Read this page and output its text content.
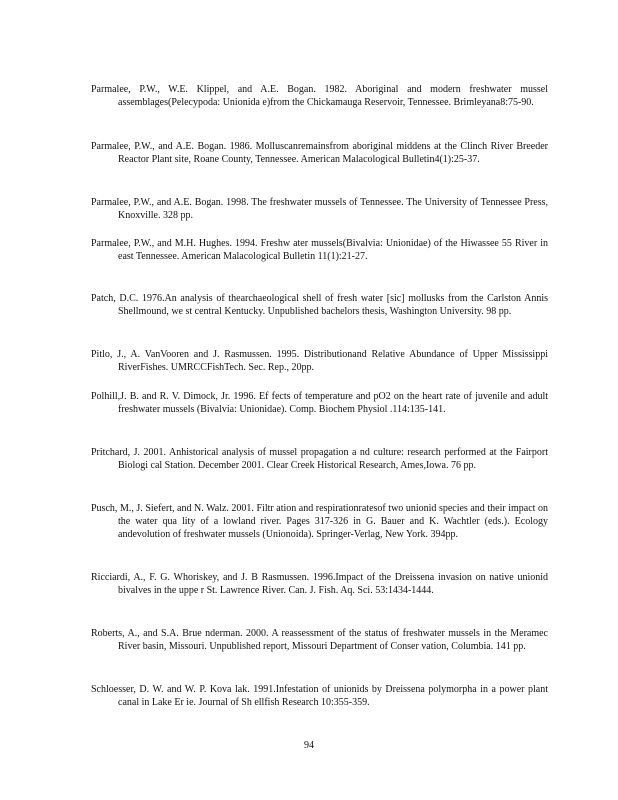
Parmalee, P.W., W.E. Klippel, and A.E. Bogan. 1982. Aboriginal and modern freshwater mussel assemblages(Pelecypoda: Unionida e)from the Chickamauga Reservoir, Tennessee. Brimleyana8:75-90.

Parmalee, P.W., and A.E. Bogan. 1986. Molluscanremainsfrom aboriginal middens at the Clinch River Breeder Reactor Plant site, Roane County, Tennessee. American Malacological Bulletin4(1):25-37.

Parmalee, P.W., and A.E. Bogan. 1998. The freshwater mussels of Tennessee. The University of Tennessee Press, Knoxville. 328 pp.

Parmalee, P.W., and M.H. Hughes. 1994. Freshw ater mussels(Bivalvia: Unionidae) of the Hiwassee 55 River in east Tennessee. American Malacological Bulletin 11(1):21-27.

Patch, D.C. 1976.An analysis of thearchaeological shell of fresh water [sic] mollusks from the Carlston Annis Shellmound, we st central Kentucky. Unpublished bachelors thesis, Washington University. 98 pp.

Pitlo, J., A. VanVooren and J. Rasmussen. 1995. Distributionand Relative Abundance of Upper Mississippi RiverFishes. UMRCCFishTech. Sec. Rep., 20pp.

Polhill,J. B. and R. V. Dimock, Jr. 1996. Ef fects of temperature and pO2 on the heart rate of juvenile and adult freshwater mussels (Bivalvia: Unionidae). Comp. Biochem Physiol .114:135-141.

Pritchard, J. 2001. Anhistorical analysis of mussel propagation a nd culture: research performed at the Fairport Biologi cal Station. December 2001. Clear Creek Historical Research, Ames,Iowa. 76 pp.

Pusch, M., J. Siefert, and N. Walz. 2001. Filtr ation and respirationratesof two unionid species and their impact on the water qua lity of a lowland river. Pages 317-326 in G. Bauer and K. Wachtler (eds.). Ecology andevolution of freshwater mussels (Unionoida). Springer-Verlag, New York. 394pp.

Ricciardi, A., F. G. Whoriskey, and J. B Rasmussen. 1996.Impact of the Dreissena invasion on native unionid bivalves in the uppe r St. Lawrence River. Can. J. Fish. Aq. Sci. 53:1434-1444.

Roberts, A., and S.A. Brue nderman. 2000. A reassessment of the status of freshwater mussels in the Meramec River basin, Missouri. Unpublished report, Missouri Department of Conser vation, Columbia. 141 pp.

Schloesser, D. W. and W. P. Kova lak. 1991.Infestation of unionids by Dreissena polymorpha in a power plant canal in Lake Er ie. Journal of Sh ellfish Research 10:355-359.

94
